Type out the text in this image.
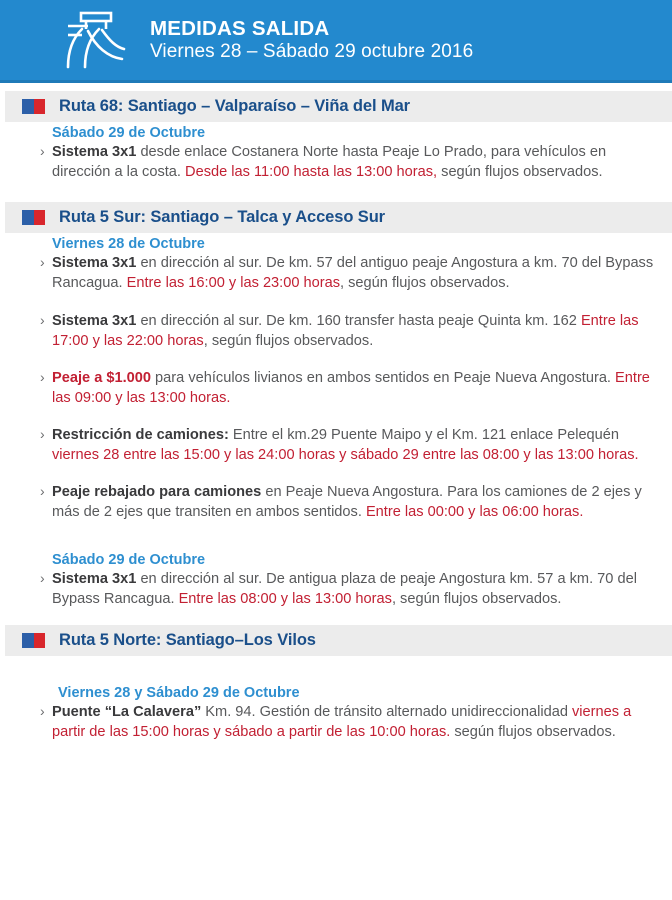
MEDIDAS SALIDA
Viernes 28 – Sábado 29 octubre 2016
Ruta 68: Santiago – Valparaíso – Viña del Mar
Sábado 29 de Octubre
› Sistema 3x1 desde enlace Costanera Norte hasta Peaje Lo Prado, para vehículos en dirección a la costa. Desde las 11:00 hasta las 13:00 horas, según flujos observados.
Ruta 5 Sur: Santiago – Talca y Acceso Sur
Viernes 28 de Octubre
› Sistema 3x1 en dirección al sur. De km. 57 del antiguo peaje Angostura a km. 70 del Bypass Rancagua. Entre las 16:00 y las 23:00 horas, según flujos observados.
› Sistema 3x1 en dirección al sur. De km. 160 transfer hasta peaje Quinta km. 162 Entre las 17:00 y las 22:00 horas, según flujos observados.
› Peaje a $1.000 para vehículos livianos en ambos sentidos en Peaje Nueva Angostura. Entre las 09:00 y las 13:00 horas.
› Restricción de camiones: Entre el km.29 Puente Maipo y el Km. 121 enlace Pelequén viernes 28 entre las 15:00 y las 24:00 horas y sábado 29 entre las 08:00 y las 13:00 horas.
› Peaje rebajado para camiones en Peaje Nueva Angostura. Para los camiones de 2 ejes y más de 2 ejes que transiten en ambos sentidos. Entre las 00:00 y las 06:00 horas.
Sábado 29 de Octubre
› Sistema 3x1 en dirección al sur. De antigua plaza de peaje Angostura km. 57 a km. 70 del Bypass Rancagua. Entre las 08:00 y las 13:00 horas, según flujos observados.
Ruta 5 Norte: Santiago–Los Vilos
Viernes 28 y Sábado 29 de Octubre
› Puente “La Calavera” Km. 94. Gestión de tránsito alternado unidireccionalidad viernes a partir de las 15:00 horas y sábado a partir de las 10:00 horas. según flujos observados.
